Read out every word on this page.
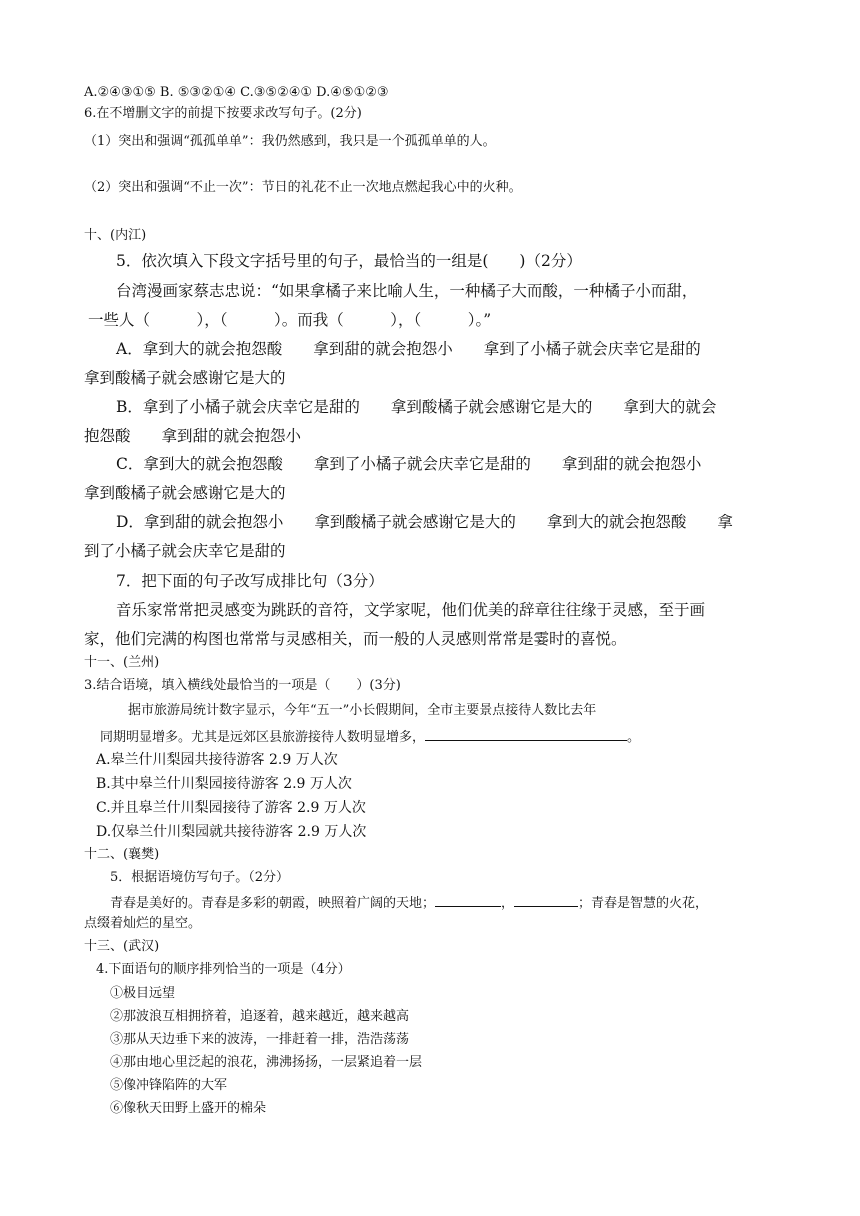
A.②④③①⑤ B. ⑤③②①④ C.③⑤②④① D.④⑤①②③
6.在不增删文字的前提下按要求改写句子。(2分)
（1）突出和强调“孤孤单单”：我仍然感到，我只是一个孤孤单单的人。
（2）突出和强调“不止一次”：节日的礼花不止一次地点燃起我心中的火种。
十、(内江)
5．依次填入下段文字括号里的句子，最恰当的一组是(　　)（2分）
台湾漫画家蔡志忠说：“如果拿橘子来比喻人生，一种橘子大而酸，一种橘子小而甜，
一些人（　　　），（　　　）。而我（　　　），（　　　）。”
A．拿到大的就会抱怨酸　　拿到甜的就会抱怨小　　拿到了小橘子就会庆幸它是甜的
拿到酸橘子就会感谢它是大的
B．拿到了小橘子就会庆幸它是甜的　　拿到酸橘子就会感谢它是大的　　拿到大的就会
抱怨酸　　拿到甜的就会抱怨小
C．拿到大的就会抱怨酸　　拿到了小橘子就会庆幸它是甜的　　拿到甜的就会抱怨小
拿到酸橘子就会感谢它是大的
D．拿到甜的就会抱怨小　　拿到酸橘子就会感谢它是大的　　拿到大的就会抱怨酸　　拿
到了小橘子就会庆幸它是甜的
7．把下面的句子改写成排比句（3分）
音乐家常常把灵感变为跳跃的音符，文学家呢，他们优美的辞章往往缘于灵感，至于画
家，他们完满的构图也常常与灵感相关，而一般的人灵感则常常是霎时的喜悦。
十一、(兰州)
3.结合语境，填入横线处最恰当的一项是（　　）(3分)
据市旅游局统计数字显示，今年“五一”小长假期间，全市主要景点接待人数比去年
同期明显增多。尤其是远郊区县旅游接待人数明显增多，	。
A.皋兰什川梨园共接待游客 2.9 万人次
B.其中皋兰什川梨园接待游客 2.9 万人次
C.并且皋兰什川梨园接待了游客 2.9 万人次
D.仅皋兰什川梨园就共接待游客 2.9 万人次
十二、(襄樊)
5．根据语境仿写句子。（2分）
青春是美好的。青春是多彩的朝霞，映照着广阔的天地；	，	；青春是智慧的火花，
点缀着灿烂的星空。
十三、(武汉)
4.下面语句的顺序排列恰当的一项是（4分）
①极目远望
②那波浪互相拥挤着，追逐着，越来越近，越来越高
③那从天边垂下来的波涛，一排赶着一排，浩浩荡荡
④那由地心里泛起的浪花，沸沸扬扬，一层紧追着一层
⑤像冲锋陷阵的大军
⑥像秋天田野上盛开的棉朵
